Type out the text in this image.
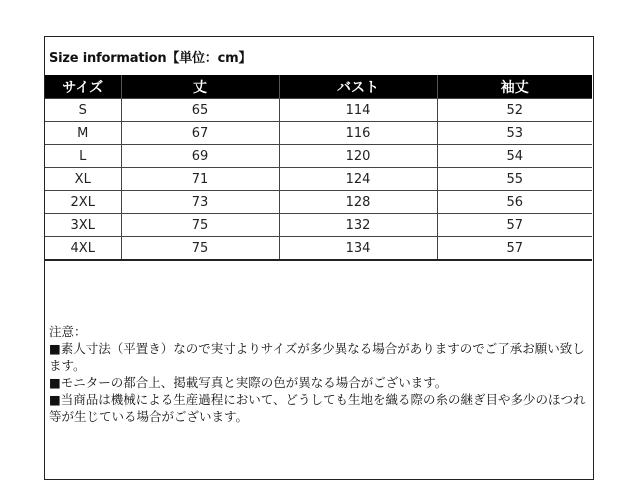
Size information【単位：cm】
サイズ	丈	バスト	袖丈
S	65	114	52
M	67	116	53
L	69	120	54
XL	71	124	55
2XL	73	128	56
3XL	75	132	57
4XL	75	134	57

注意：

■素人寸法（平置き）なので実寸よりサイズが多少異なる場合がありますのでご了承お願い致します。

■モニターの都合上、掲載写真と実際の色が異なる場合がございます。

■当商品は機械による生産過程において、どうしても生地を織る際の糸の継ぎ目や多少のほつれ等が生じている場合がございます。
